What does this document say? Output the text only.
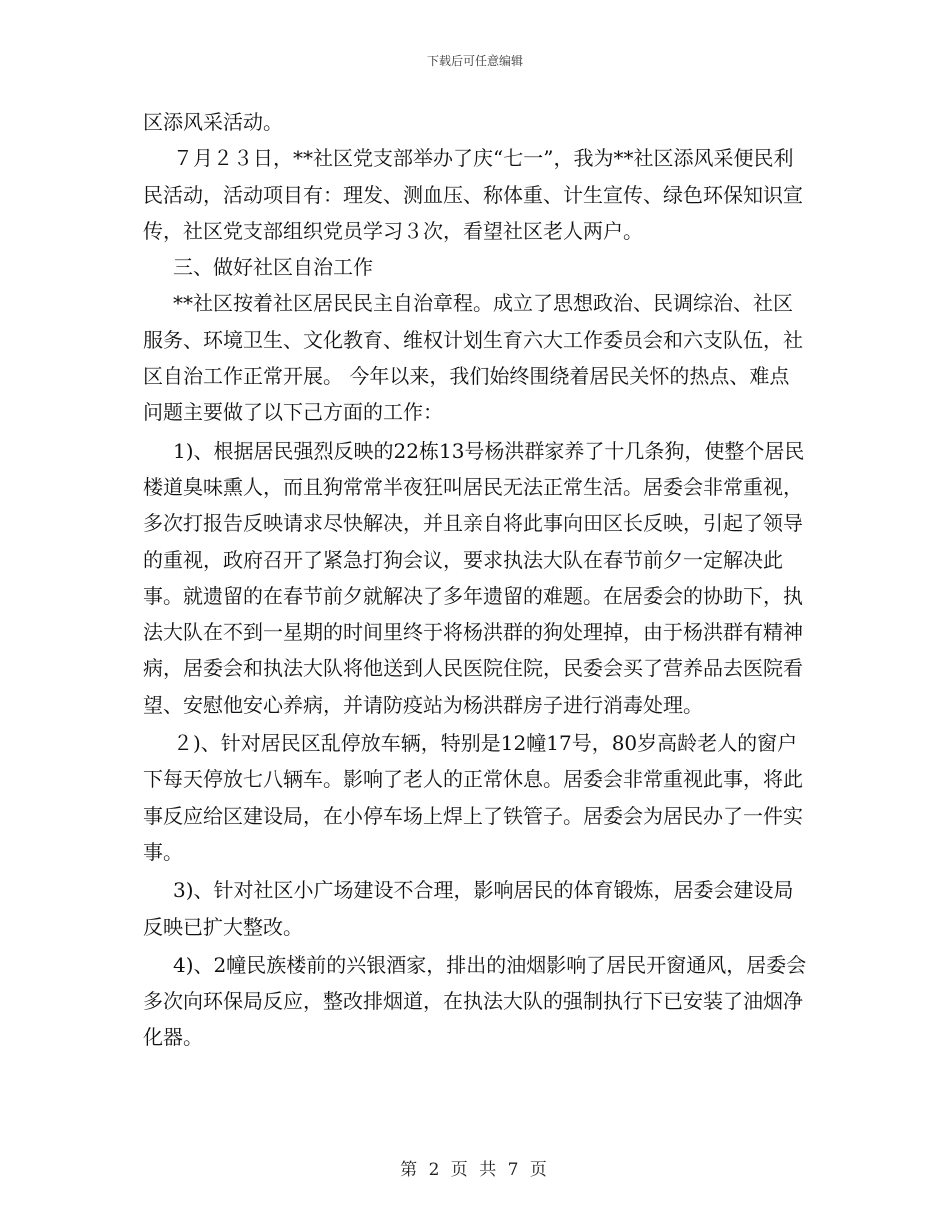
下载后可任意编辑

区添风采活动。

７月２３日，**社区党支部举办了庆“七一”，我为**社区添风采便民利民活动，活动项目有：理发、测血压、称体重、计生宣传、绿色环保知识宣传，社区党支部组织党员学习３次，看望社区老人两户。

三、做好社区自治工作

**社区按着社区居民民主自治章程。成立了思想政治、民调综治、社区服务、环境卫生、文化教育、维权计划生育六大工作委员会和六支队伍，社区自治工作正常开展。 今年以来，我们始终围绕着居民关怀的热点、难点问题主要做了以下己方面的工作：

1)、根据居民强烈反映的22栋13号杨洪群家养了十几条狗，使整个居民楼道臭味熏人，而且狗常常半夜狂叫居民无法正常生活。居委会非常重视，多次打报告反映请求尽快解决，并且亲自将此事向田区长反映，引起了领导的重视，政府召开了紧急打狗会议，要求执法大队在春节前夕一定解决此事。就遗留的在春节前夕就解决了多年遗留的难题。在居委会的协助下，执法大队在不到一星期的时间里终于将杨洪群的狗处理掉，由于杨洪群有精神病，居委会和执法大队将他送到人民医院住院，民委会买了营养品去医院看望、安慰他安心养病，并请防疫站为杨洪群房子进行消毒处理。

２)、针对居民区乱停放车辆，特别是12幢17号，80岁高龄老人的窗户下每天停放七八辆车。影响了老人的正常休息。居委会非常重视此事，将此事反应给区建设局，在小停车场上焊上了铁管子。居委会为居民办了一件实事。

3)、针对社区小广场建设不合理，影响居民的体育锻炼，居委会建设局反映已扩大整改。

4)、2幢民族楼前的兴银酒家，排出的油烟影响了居民开窗通风，居委会多次向环保局反应，整改排烟道，在执法大队的强制执行下已安装了油烟净化器。

第 2 页 共 7 页
